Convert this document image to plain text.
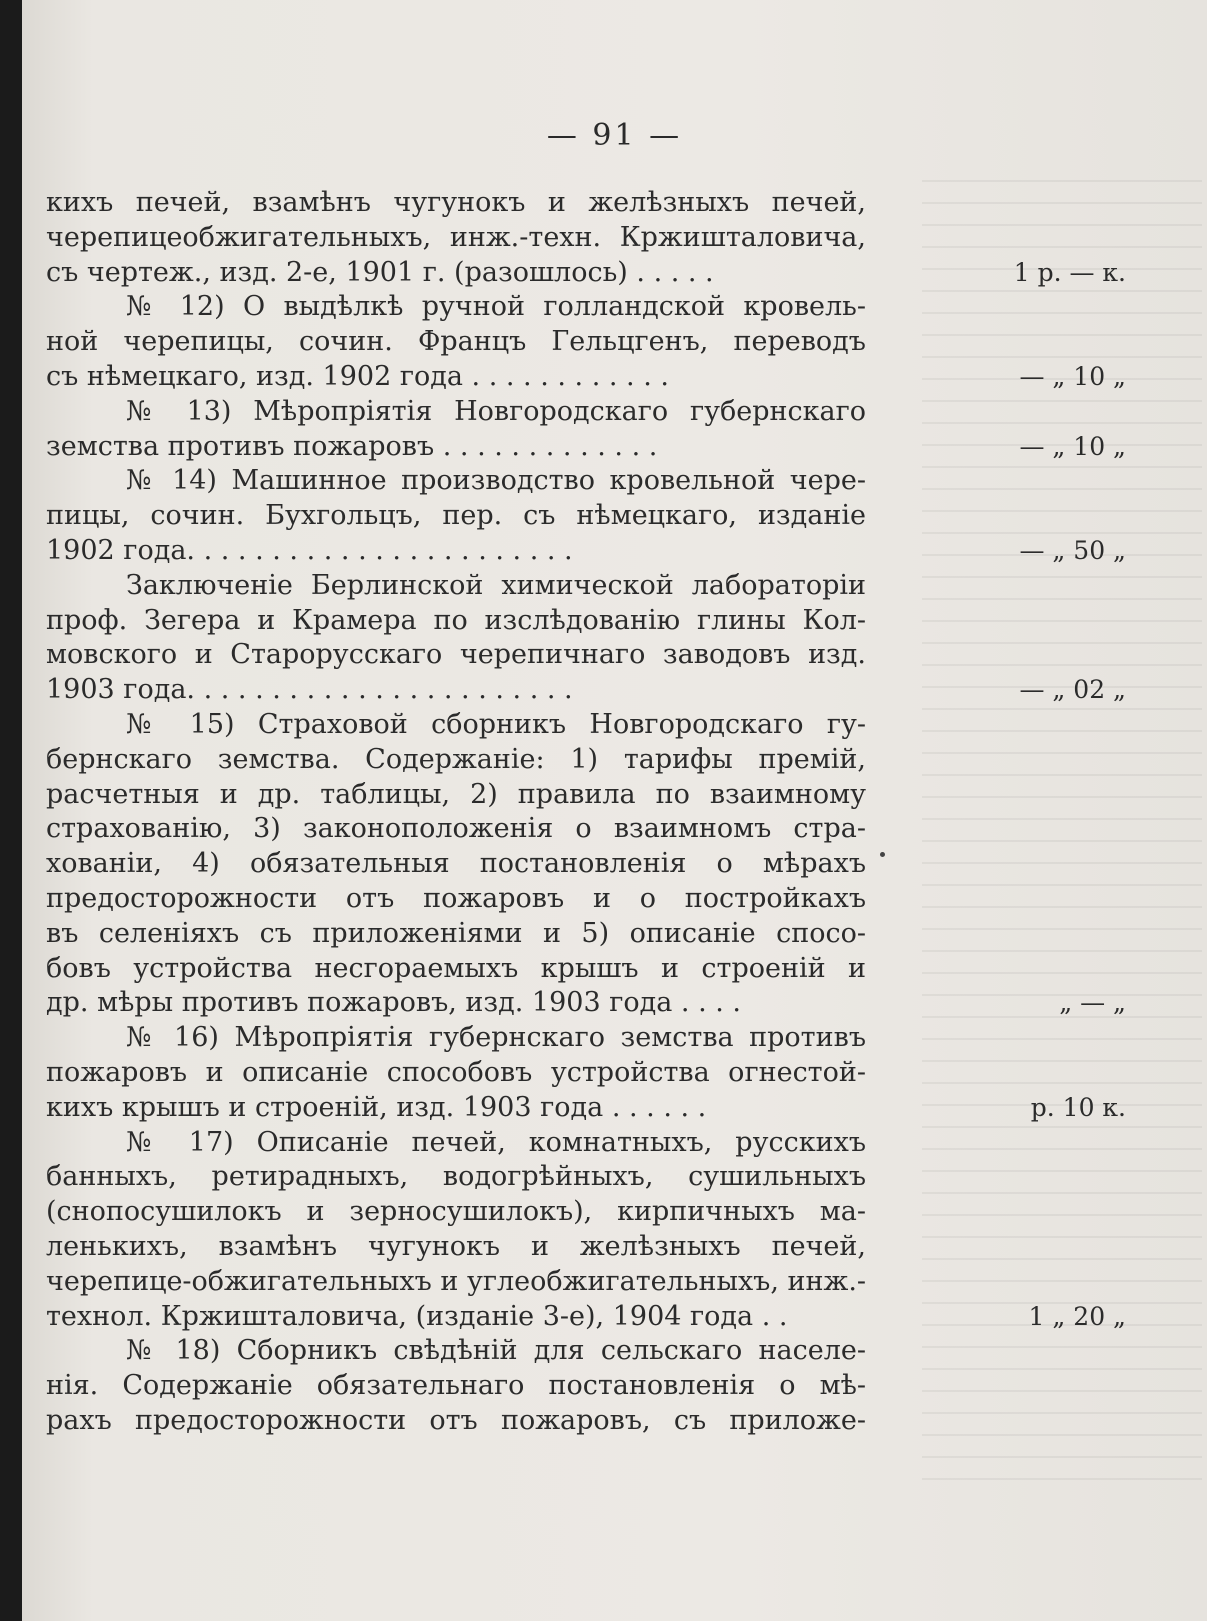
— 91 —
кихъ печей, взамѣнъ чугунокъ и желѣзныхъ печей,
черепицеобжигательныхъ, инж.-техн. Кржишталовича,
съ чертеж., изд. 2-е, 1901 г. (разошлось) . . . . .	1 р. — к.
№ 12) О выдѣлкѣ ручной голландской кровель-
ной черепицы, сочин. Францъ Гельцгенъ, переводъ
съ нѣмецкаго, изд. 1902 года . . . . . . . . . . . .	— „ 10 „
№ 13) Мѣропріятія Новгородскаго губернскаго
земства противъ пожаровъ . . . . . . . . . . . . .	— „ 10 „
№ 14) Машинное производство кровельной чере-
пицы, сочин. Бухгольцъ, пер. съ нѣмецкаго, изданіе
1902 года. . . . . . . . . . . . . . . . . . . . . . .	— „ 50 „
Заключеніе Берлинской химической лабораторіи
проф. Зегера и Крамера по изслѣдованію глины Кол-
мовского и Старорусскаго черепичнаго заводовъ изд.
1903 года. . . . . . . . . . . . . . . . . . . . . . .	— „ 02 „
№ 15) Страховой сборникъ Новгородскаго гу-
бернскаго земства. Содержаніе: 1) тарифы премій,
расчетныя и др. таблицы, 2) правила по взаимному
страхованію, 3) законоположенія о взаимномъ стра-
хованіи, 4) обязательныя постановленія о мѣрахъ
предосторожности отъ пожаровъ и о постройкахъ
въ селеніяхъ съ приложеніями и 5) описаніе спосо-
бовъ устройства несгораемыхъ крышъ и строеній и
др. мѣры противъ пожаровъ, изд. 1903 года . . . .	„ — „
№ 16) Мѣропріятія губернскаго земства противъ
пожаровъ и описаніе способовъ устройства огнестой-
кихъ крышъ и строеній, изд. 1903 года . . . . . .	р. 10 к.
№ 17) Описаніе печей, комнатныхъ, русскихъ
банныхъ, ретирадныхъ, водогрѣйныхъ, сушильныхъ
(снопосушилокъ и зерносушилокъ), кирпичныхъ ма-
ленькихъ, взамѣнъ чугунокъ и желѣзныхъ печей,
черепице-обжигательныхъ и углеобжигательныхъ, инж.-
технол. Кржишталовича, (изданіе 3-е), 1904 года . .	1 „ 20 „
№ 18) Сборникъ свѣдѣній для сельскаго населе-
нія. Содержаніе обязательнаго постановленія о мѣ-
рахъ предосторожности отъ пожаровъ, съ приложе-
